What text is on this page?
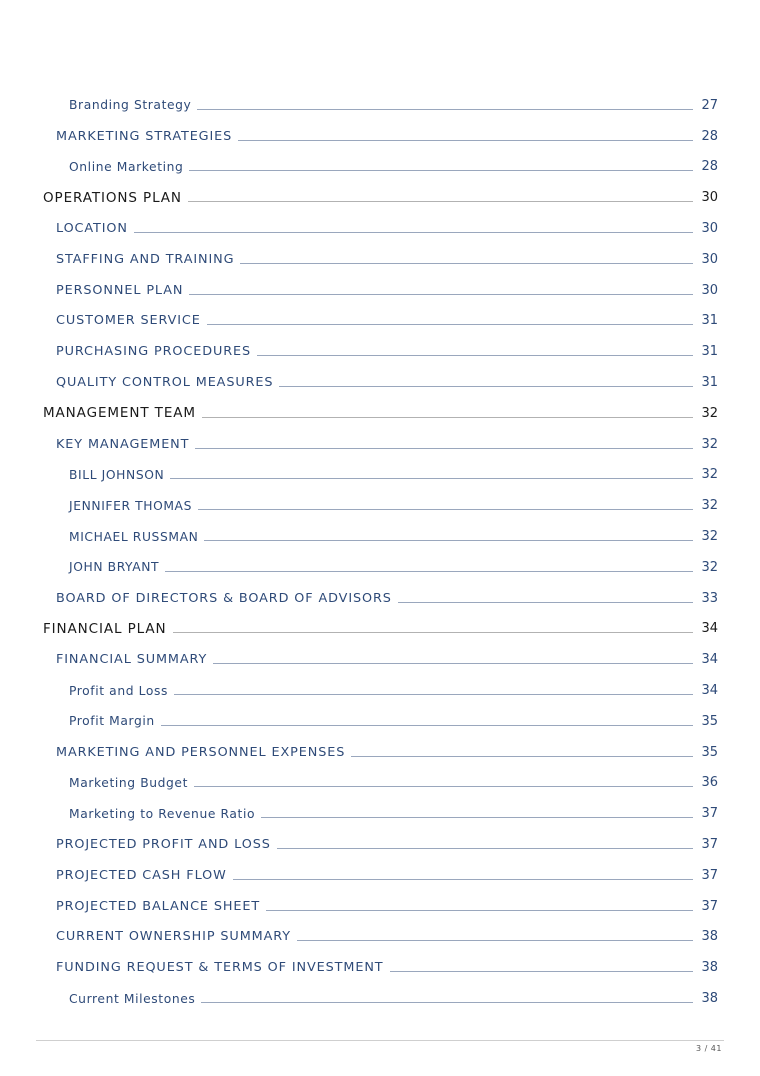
Branding Strategy	27
MARKETING STRATEGIES	28
Online Marketing	28
OPERATIONS PLAN	30
LOCATION	30
STAFFING AND TRAINING	30
PERSONNEL PLAN	30
CUSTOMER SERVICE	31
PURCHASING PROCEDURES	31
QUALITY CONTROL MEASURES	31
MANAGEMENT TEAM	32
KEY MANAGEMENT	32
BILL JOHNSON	32
JENNIFER THOMAS	32
MICHAEL RUSSMAN	32
JOHN BRYANT	32
BOARD OF DIRECTORS & BOARD OF ADVISORS	33
FINANCIAL PLAN	34
FINANCIAL SUMMARY	34
Profit and Loss	34
Profit Margin	35
MARKETING AND PERSONNEL EXPENSES	35
Marketing Budget	36
Marketing to Revenue Ratio	37
PROJECTED PROFIT AND LOSS	37
PROJECTED CASH FLOW	37
PROJECTED BALANCE SHEET	37
CURRENT OWNERSHIP SUMMARY	38
FUNDING REQUEST & TERMS OF INVESTMENT	38
Current Milestones	38
3 / 41
